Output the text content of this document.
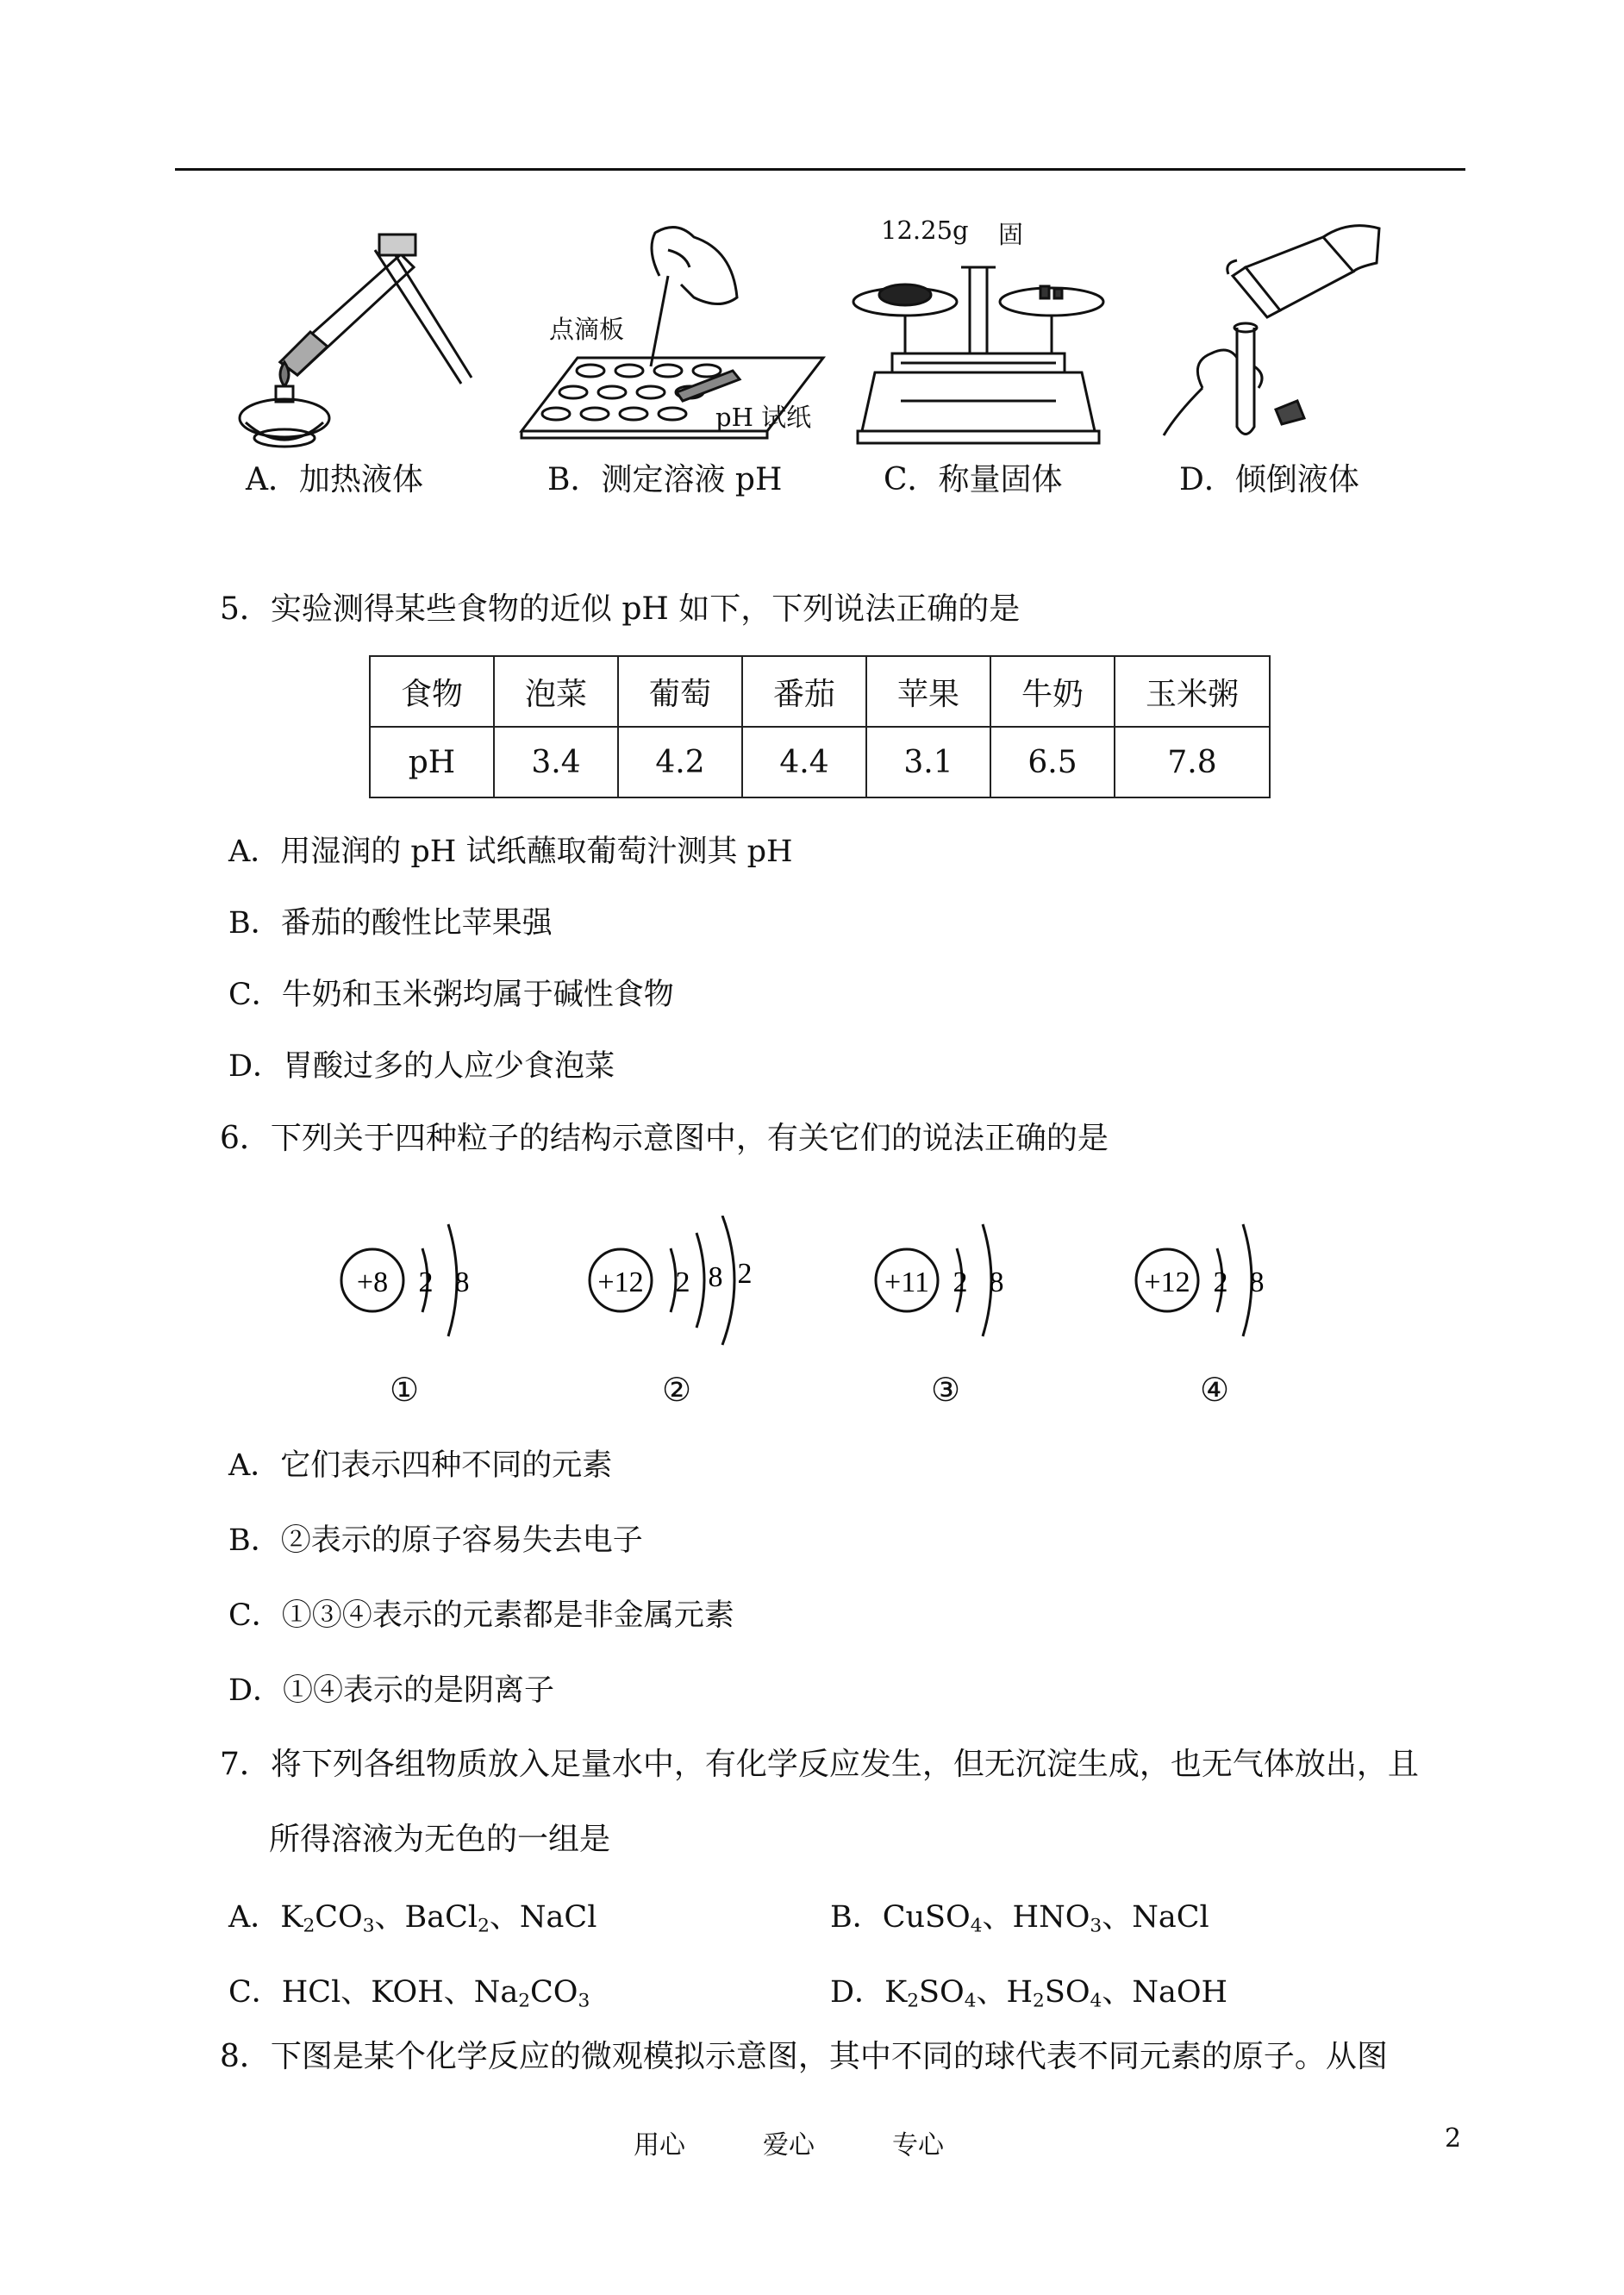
A．加热液体
点滴板
pH 试纸
B．测定溶液 pH
12.25g 固
C．称量固体	D．倾倒液体
5．实验测得某些食物的近似 pH 如下，下列说法正确的是
食物	泡菜	葡萄	番茄	苹果	牛奶	玉米粥
pH	3.4	4.2	4.4	3.1	6.5	7.8
A．用湿润的 pH 试纸蘸取葡萄汁测其 pH
B．番茄的酸性比苹果强
C．牛奶和玉米粥均属于碱性食物
D．胃酸过多的人应少食泡菜
6．下列关于四种粒子的结构示意图中，有关它们的说法正确的是
+8 2 8	+12 2 8 2	+11 2 8	+12 2 8
①	②	③	④
A．它们表示四种不同的元素
B．②表示的原子容易失去电子
C．①③④表示的元素都是非金属元素
D．①④表示的是阴离子
7．将下列各组物质放入足量水中，有化学反应发生，但无沉淀生成，也无气体放出，且
所得溶液为无色的一组是
A．$K_2CO_3$、BaCl$_2$、NaCl	B．CuSO$_4$、$HNO_3$、NaCl
C．HCl、KOH、$Na_2CO_3$	D．$K_2SO_4$、$H_2SO_4$、NaOH
8．下图是某个化学反应的微观模拟示意图，其中不同的球代表不同元素的原子。从图
用心	爱心	专心	2
